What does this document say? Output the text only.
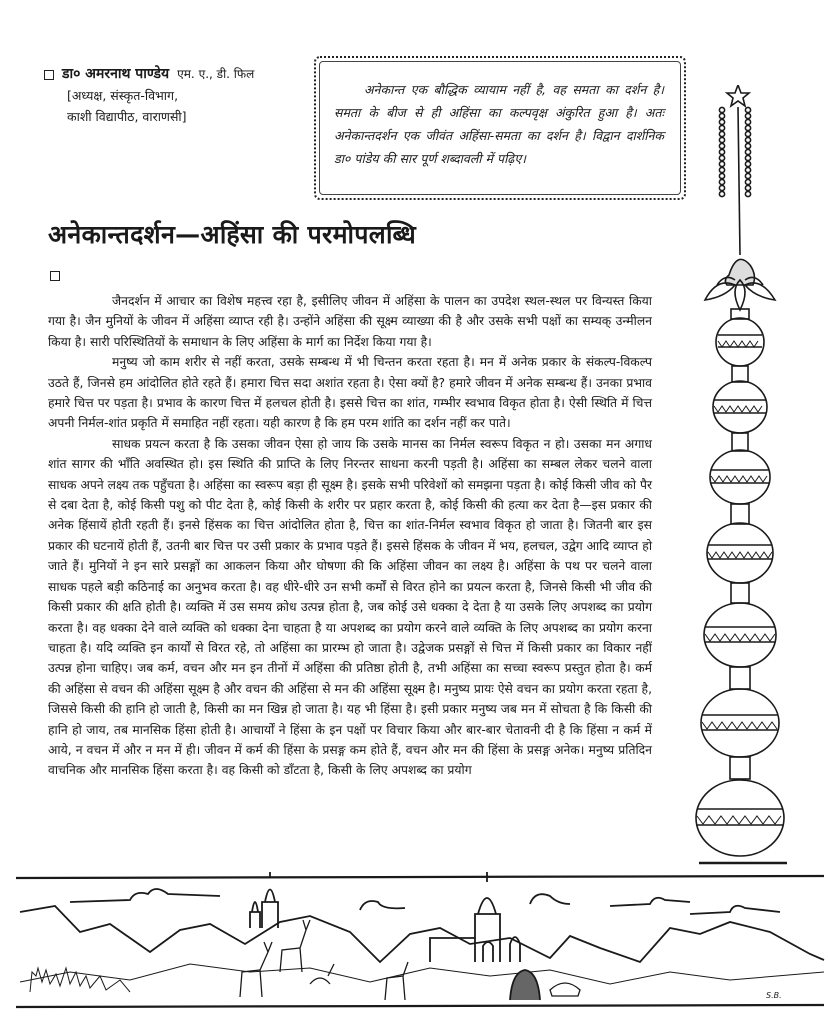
डा० अमरनाथ पाण्डेय एम. ए., डी. फिल
[अध्यक्ष, संस्कृत-विभाग,
काशी विद्यापीठ, वाराणसी]
अनेकान्त एक बौद्धिक व्यायाम नहीं है, वह समता का दर्शन है। समता के बीज से ही अहिंसा का कल्पवृक्ष अंकुरित हुआ है। अतः अनेकान्तदर्शन एक जीवंत अहिंसा-समता का दर्शन है। विद्वान दार्शनिक डा० पांडेय की सार पूर्ण शब्दावली में पढ़िए।
अनेकान्तदर्शन—अहिंसा की परमोपलब्धि

जैनदर्शन में आचार का विशेष महत्त्व रहा है, इसीलिए जीवन में अहिंसा के पालन का उपदेश स्थल-स्थल पर विन्यस्त किया गया है। जैन मुनियों के जीवन में अहिंसा व्याप्त रही है। उन्होंने अहिंसा की सूक्ष्म व्याख्या की है और उसके सभी पक्षों का सम्यक् उन्मीलन किया है। सारी परिस्थितियों के समाधान के लिए अहिंसा के मार्ग का निर्देश किया गया है।

मनुष्य जो काम शरीर से नहीं करता, उसके सम्बन्ध में भी चिन्तन करता रहता है। मन में अनेक प्रकार के संकल्प-विकल्प उठते हैं, जिनसे हम आंदोलित होते रहते हैं। हमारा चित्त सदा अशांत रहता है। ऐसा क्यों है? हमारे जीवन में अनेक सम्बन्ध हैं। उनका प्रभाव हमारे चित्त पर पड़ता है। प्रभाव के कारण चित्त में हलचल होती है। इससे चित्त का शांत, गम्भीर स्वभाव विकृत होता है। ऐसी स्थिति में चित्त अपनी निर्मल-शांत प्रकृति में समाहित नहीं रहता। यही कारण है कि हम परम शांति का दर्शन नहीं कर पाते।

साधक प्रयत्न करता है कि उसका जीवन ऐसा हो जाय कि उसके मानस का निर्मल स्वरूप विकृत न हो। उसका मन अगाध शांत सागर की भाँति अवस्थित हो। इस स्थिति की प्राप्ति के लिए निरन्तर साधना करनी पड़ती है। अहिंसा का सम्बल लेकर चलने वाला साधक अपने लक्ष्य तक पहुँचता है। अहिंसा का स्वरूप बड़ा ही सूक्ष्म है। इसके सभी परिवेशों को समझना पड़ता है। कोई किसी जीव को पैर से दबा देता है, कोई किसी पशु को पीट देता है, कोई किसी के शरीर पर प्रहार करता है, कोई किसी की हत्या कर देता है—इस प्रकार की अनेक हिंसायें होती रहती हैं। इनसे हिंसक का चित्त आंदोलित होता है, चित्त का शांत-निर्मल स्वभाव विकृत हो जाता है। जितनी बार इस प्रकार की घटनायें होती हैं, उतनी बार चित्त पर उसी प्रकार के प्रभाव पड़ते हैं। इससे हिंसक के जीवन में भय, हलचल, उद्वेग आदि व्याप्त हो जाते हैं। मुनियों ने इन सारे प्रसङ्गों का आकलन किया और घोषणा की कि अहिंसा जीवन का लक्ष्य है। अहिंसा के पथ पर चलने वाला साधक पहले बड़ी कठिनाई का अनुभव करता है। वह धीरे-धीरे उन सभी कर्मों से विरत होने का प्रयत्न करता है, जिनसे किसी भी जीव की किसी प्रकार की क्षति होती है। व्यक्ति में उस समय क्रोध उत्पन्न होता है, जब कोई उसे धक्का दे देता है या उसके लिए अपशब्द का प्रयोग करता है। वह धक्का देने वाले व्यक्ति को धक्का देना चाहता है या अपशब्द का प्रयोग करने वाले व्यक्ति के लिए अपशब्द का प्रयोग करना चाहता है। यदि व्यक्ति इन कार्यों से विरत रहे, तो अहिंसा का प्रारम्भ हो जाता है। उद्वेजक प्रसङ्गों से चित्त में किसी प्रकार का विकार नहीं उत्पन्न होना चाहिए। जब कर्म, वचन और मन इन तीनों में अहिंसा की प्रतिष्ठा होती है, तभी अहिंसा का सच्चा स्वरूप प्रस्तुत होता है। कर्म की अहिंसा से वचन की अहिंसा सूक्ष्म है और वचन की अहिंसा से मन की अहिंसा सूक्ष्म है। मनुष्य प्रायः ऐसे वचन का प्रयोग करता रहता है, जिससे किसी की हानि हो जाती है, किसी का मन खिन्न हो जाता है। यह भी हिंसा है। इसी प्रकार मनुष्य जब मन में सोचता है कि किसी की हानि हो जाय, तब मानसिक हिंसा होती है। आचार्यों ने हिंसा के इन पक्षों पर विचार किया और बार-बार चेतावनी दी है कि हिंसा न कर्म में आये, न वचन में और न मन में ही। जीवन में कर्म की हिंसा के प्रसङ्ग कम होते हैं, वचन और मन की हिंसा के प्रसङ्ग अनेक। मनुष्य प्रतिदिन वाचनिक और मानसिक हिंसा करता है। वह किसी को डाँटता है, किसी के लिए अपशब्द का प्रयोग

S.B.
